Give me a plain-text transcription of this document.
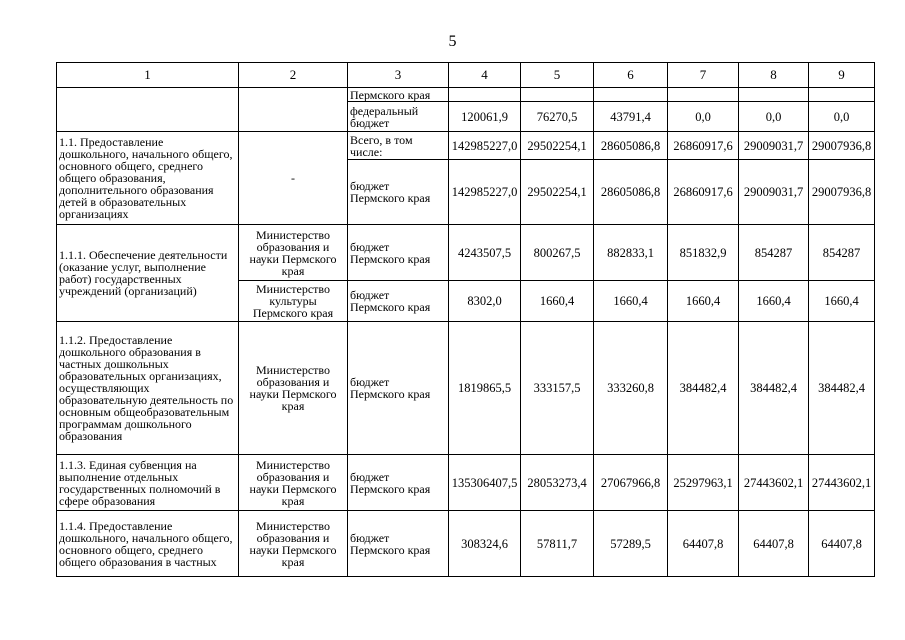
5
1	2	3	4	5	6	7	8	9
		Пермского края						
		федеральный бюджет	120061,9	76270,5	43791,4	0,0	0,0	0,0
1.1. Предоставление дошкольного, начального общего, основного общего, среднего общего образования, дополнительного образования детей в образовательных организациях	-	Всего, в том числе:	142985227,0	29502254,1	28605086,8	26860917,6	29009031,7	29007936,8
		бюджет Пермского края	142985227,0	29502254,1	28605086,8	26860917,6	29009031,7	29007936,8
1.1.1. Обеспечение деятельности (оказание услуг, выполнение работ) государственных учреждений (организаций)	Министерство образования и науки Пермского края	бюджет Пермского края	4243507,5	800267,5	882833,1	851832,9	854287	854287
	Министерство культуры Пермского края	бюджет Пермского края	8302,0	1660,4	1660,4	1660,4	1660,4	1660,4
1.1.2. Предоставление дошкольного образования в частных дошкольных образовательных организациях, осуществляющих образовательную деятельность по основным общеобразовательным программам дошкольного образования	Министерство образования и науки Пермского края	бюджет Пермского края	1819865,5	333157,5	333260,8	384482,4	384482,4	384482,4
1.1.3. Единая субвенция на выполнение отдельных государственных полномочий в сфере образования	Министерство образования и науки Пермского края	бюджет Пермского края	135306407,5	28053273,4	27067966,8	25297963,1	27443602,1	27443602,1
1.1.4. Предоставление дошкольного, начального общего, основного общего, среднего общего образования в частных	Министерство образования и науки Пермского края	бюджет Пермского края	308324,6	57811,7	57289,5	64407,8	64407,8	64407,8
